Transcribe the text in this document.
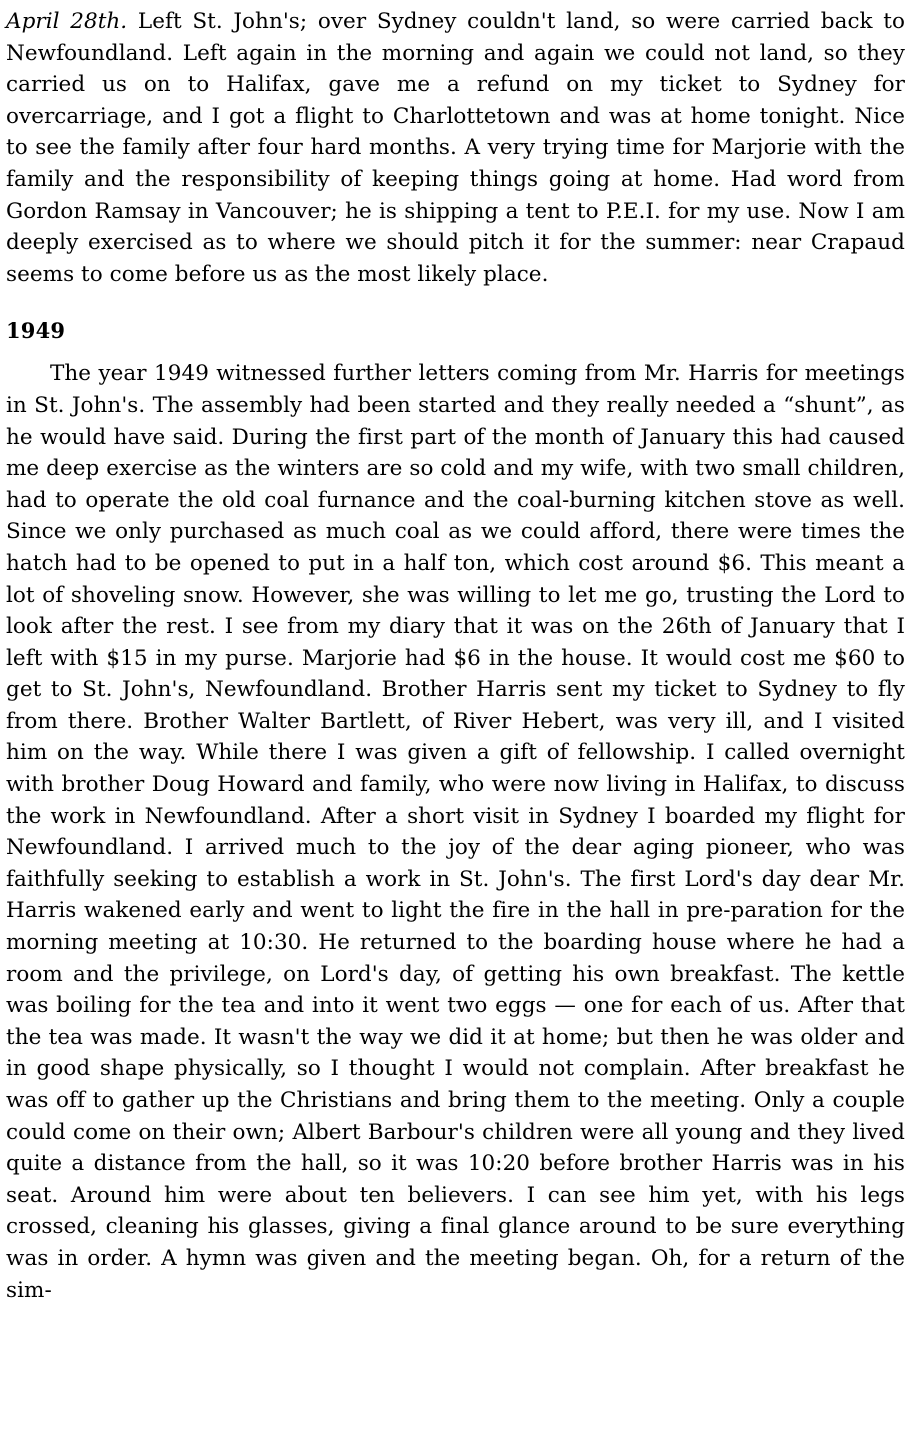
April 28th. Left St. John's; over Sydney couldn't land, so were carried back to Newfoundland. Left again in the morning and again we could not land, so they carried us on to Halifax, gave me a refund on my ticket to Sydney for overcarriage, and I got a flight to Charlottetown and was at home tonight. Nice to see the family after four hard months. A very trying time for Marjorie with the family and the responsibility of keeping things going at home. Had word from Gordon Ramsay in Vancouver; he is shipping a tent to P.E.I. for my use. Now I am deeply exercised as to where we should pitch it for the summer: near Crapaud seems to come before us as the most likely place.

1949

The year 1949 witnessed further letters coming from Mr. Harris for meetings in St. John's. The assembly had been started and they really needed a “shunt”, as he would have said. During the first part of the month of January this had caused me deep exercise as the winters are so cold and my wife, with two small children, had to operate the old coal furnance and the coal-burning kitchen stove as well. Since we only purchased as much coal as we could afford, there were times the hatch had to be opened to put in a half ton, which cost around $6. This meant a lot of shoveling snow. However, she was willing to let me go, trusting the Lord to look after the rest. I see from my diary that it was on the 26th of January that I left with $15 in my purse. Marjorie had $6 in the house. It would cost me $60 to get to St. John's, Newfoundland. Brother Harris sent my ticket to Sydney to fly from there. Brother Walter Bartlett, of River Hebert, was very ill, and I visited him on the way. While there I was given a gift of fellowship. I called overnight with brother Doug Howard and family, who were now living in Halifax, to discuss the work in Newfoundland. After a short visit in Sydney I boarded my flight for Newfoundland. I arrived much to the joy of the dear aging pioneer, who was faithfully seeking to establish a work in St. John's. The first Lord's day dear Mr. Harris wakened early and went to light the fire in the hall in pre-paration for the morning meeting at 10:30. He returned to the boarding house where he had a room and the privilege, on Lord's day, of getting his own breakfast. The kettle was boiling for the tea and into it went two eggs — one for each of us. After that the tea was made. It wasn't the way we did it at home; but then he was older and in good shape physically, so I thought I would not complain. After breakfast he was off to gather up the Christians and bring them to the meeting. Only a couple could come on their own; Albert Barbour's children were all young and they lived quite a distance from the hall, so it was 10:20 before brother Harris was in his seat. Around him were about ten believers. I can see him yet, with his legs crossed, cleaning his glasses, giving a final glance around to be sure everything was in order. A hymn was given and the meeting began. Oh, for a return of the sim-
